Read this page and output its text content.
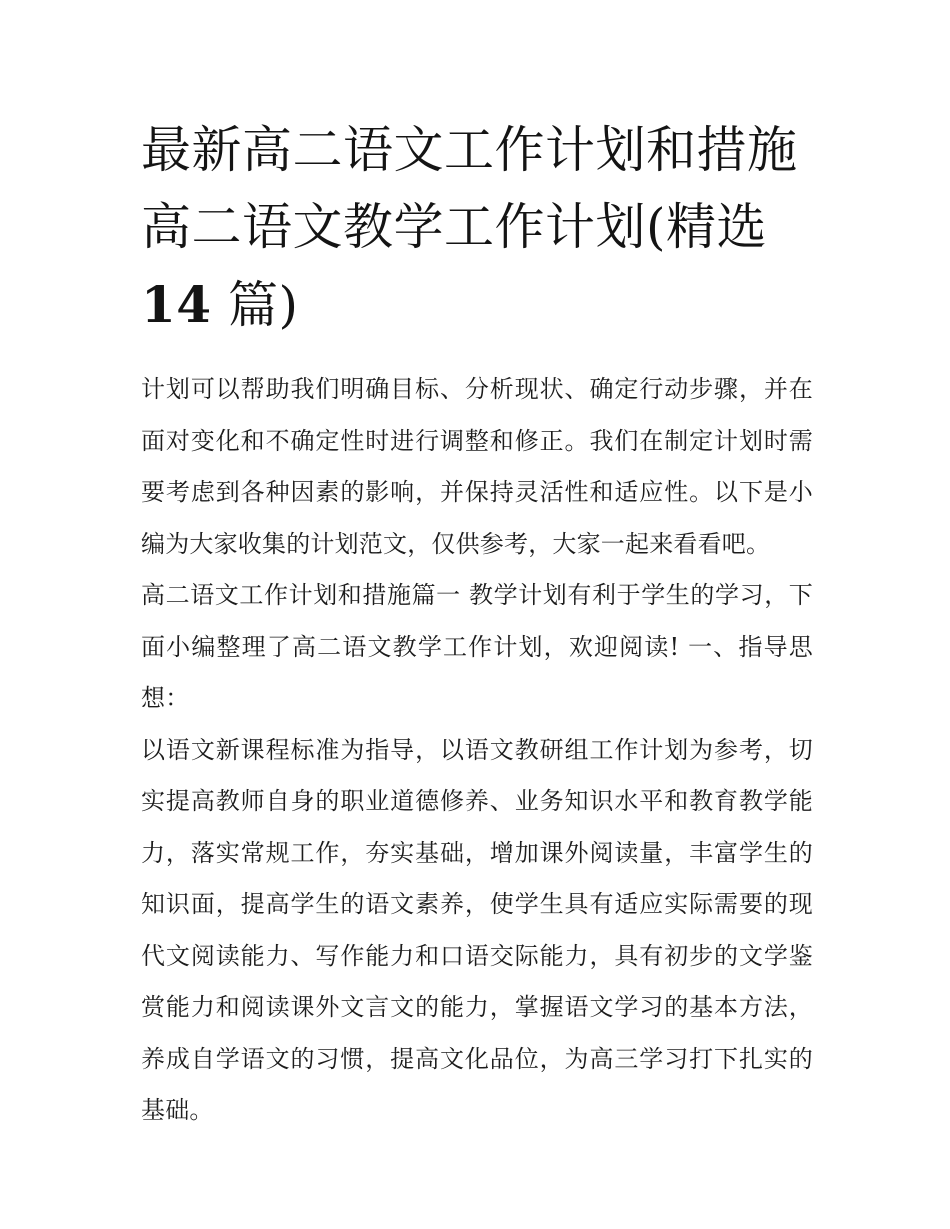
最新高二语文工作计划和措施
高二语文教学工作计划(精选
14 篇)

计划可以帮助我们明确目标、分析现状、确定行动步骤，并在面对变化和不确定性时进行调整和修正。我们在制定计划时需要考虑到各种因素的影响，并保持灵活性和适应性。以下是小编为大家收集的计划范文，仅供参考，大家一起来看看吧。

高二语文工作计划和措施篇一 教学计划有利于学生的学习，下面小编整理了高二语文教学工作计划，欢迎阅读! 一、指导思想：

以语文新课程标准为指导，以语文教研组工作计划为参考，切实提高教师自身的职业道德修养、业务知识水平和教育教学能力，落实常规工作，夯实基础，增加课外阅读量，丰富学生的知识面，提高学生的语文素养，使学生具有适应实际需要的现代文阅读能力、写作能力和口语交际能力，具有初步的文学鉴赏能力和阅读课外文言文的能力，掌握语文学习的基本方法，养成自学语文的习惯，提高文化品位，为高三学习打下扎实的基础。
